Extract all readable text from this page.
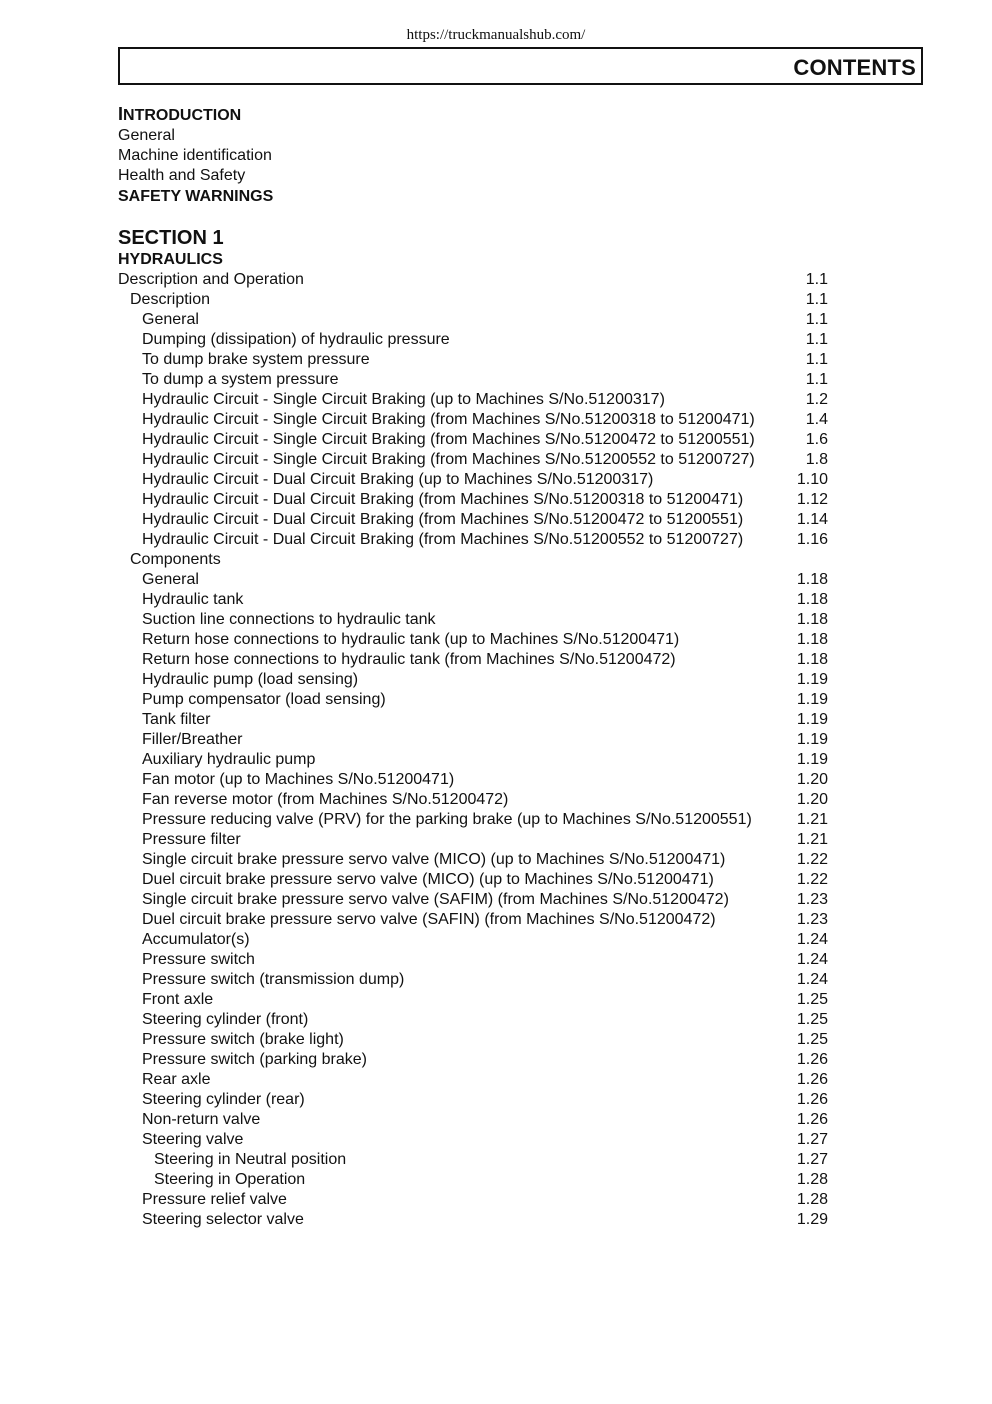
https://truckmanualshub.com/
CONTENTS
INTRODUCTION
General
Machine identification
Health and Safety
SAFETY WARNINGS
SECTION 1
HYDRAULICS
Description and Operation	1.1
Description	1.1
General	1.1
Dumping (dissipation) of hydraulic pressure	1.1
To dump brake system pressure	1.1
To dump a system pressure	1.1
Hydraulic Circuit - Single Circuit Braking (up to Machines S/No.51200317)	1.2
Hydraulic Circuit - Single Circuit Braking (from Machines S/No.51200318 to 51200471)	1.4
Hydraulic Circuit - Single Circuit Braking (from Machines S/No.51200472 to 51200551)	1.6
Hydraulic Circuit - Single Circuit Braking (from Machines S/No.51200552 to 51200727)	1.8
Hydraulic Circuit - Dual Circuit Braking (up to Machines S/No.51200317)	1.10
Hydraulic Circuit - Dual Circuit Braking (from Machines S/No.51200318 to 51200471)	1.12
Hydraulic Circuit - Dual Circuit Braking (from Machines S/No.51200472 to 51200551)	1.14
Hydraulic Circuit - Dual Circuit Braking (from Machines S/No.51200552 to 51200727)	1.16
Components
General	1.18
Hydraulic tank	1.18
Suction line connections to hydraulic tank	1.18
Return hose connections to hydraulic tank (up to Machines S/No.51200471)	1.18
Return hose connections to hydraulic tank (from Machines S/No.51200472)	1.18
Hydraulic pump (load sensing)	1.19
Pump compensator (load sensing)	1.19
Tank filter	1.19
Filler/Breather	1.19
Auxiliary hydraulic pump	1.19
Fan motor (up to Machines S/No.51200471)	1.20
Fan reverse motor (from Machines S/No.51200472)	1.20
Pressure reducing valve (PRV) for the parking brake (up to Machines S/No.51200551)	1.21
Pressure filter	1.21
Single circuit brake pressure servo valve (MICO) (up to Machines S/No.51200471)	1.22
Duel circuit brake pressure servo valve (MICO) (up to Machines S/No.51200471)	1.22
Single circuit brake pressure servo valve (SAFIM) (from Machines S/No.51200472)	1.23
Duel circuit brake pressure servo valve (SAFIN) (from Machines S/No.51200472)	1.23
Accumulator(s)	1.24
Pressure switch	1.24
Pressure switch (transmission dump)	1.24
Front axle	1.25
Steering cylinder (front)	1.25
Pressure switch (brake light)	1.25
Pressure switch (parking brake)	1.26
Rear axle	1.26
Steering cylinder (rear)	1.26
Non-return valve	1.26
Steering valve	1.27
Steering in Neutral position	1.27
Steering in Operation	1.28
Pressure relief valve	1.28
Steering selector valve	1.29
